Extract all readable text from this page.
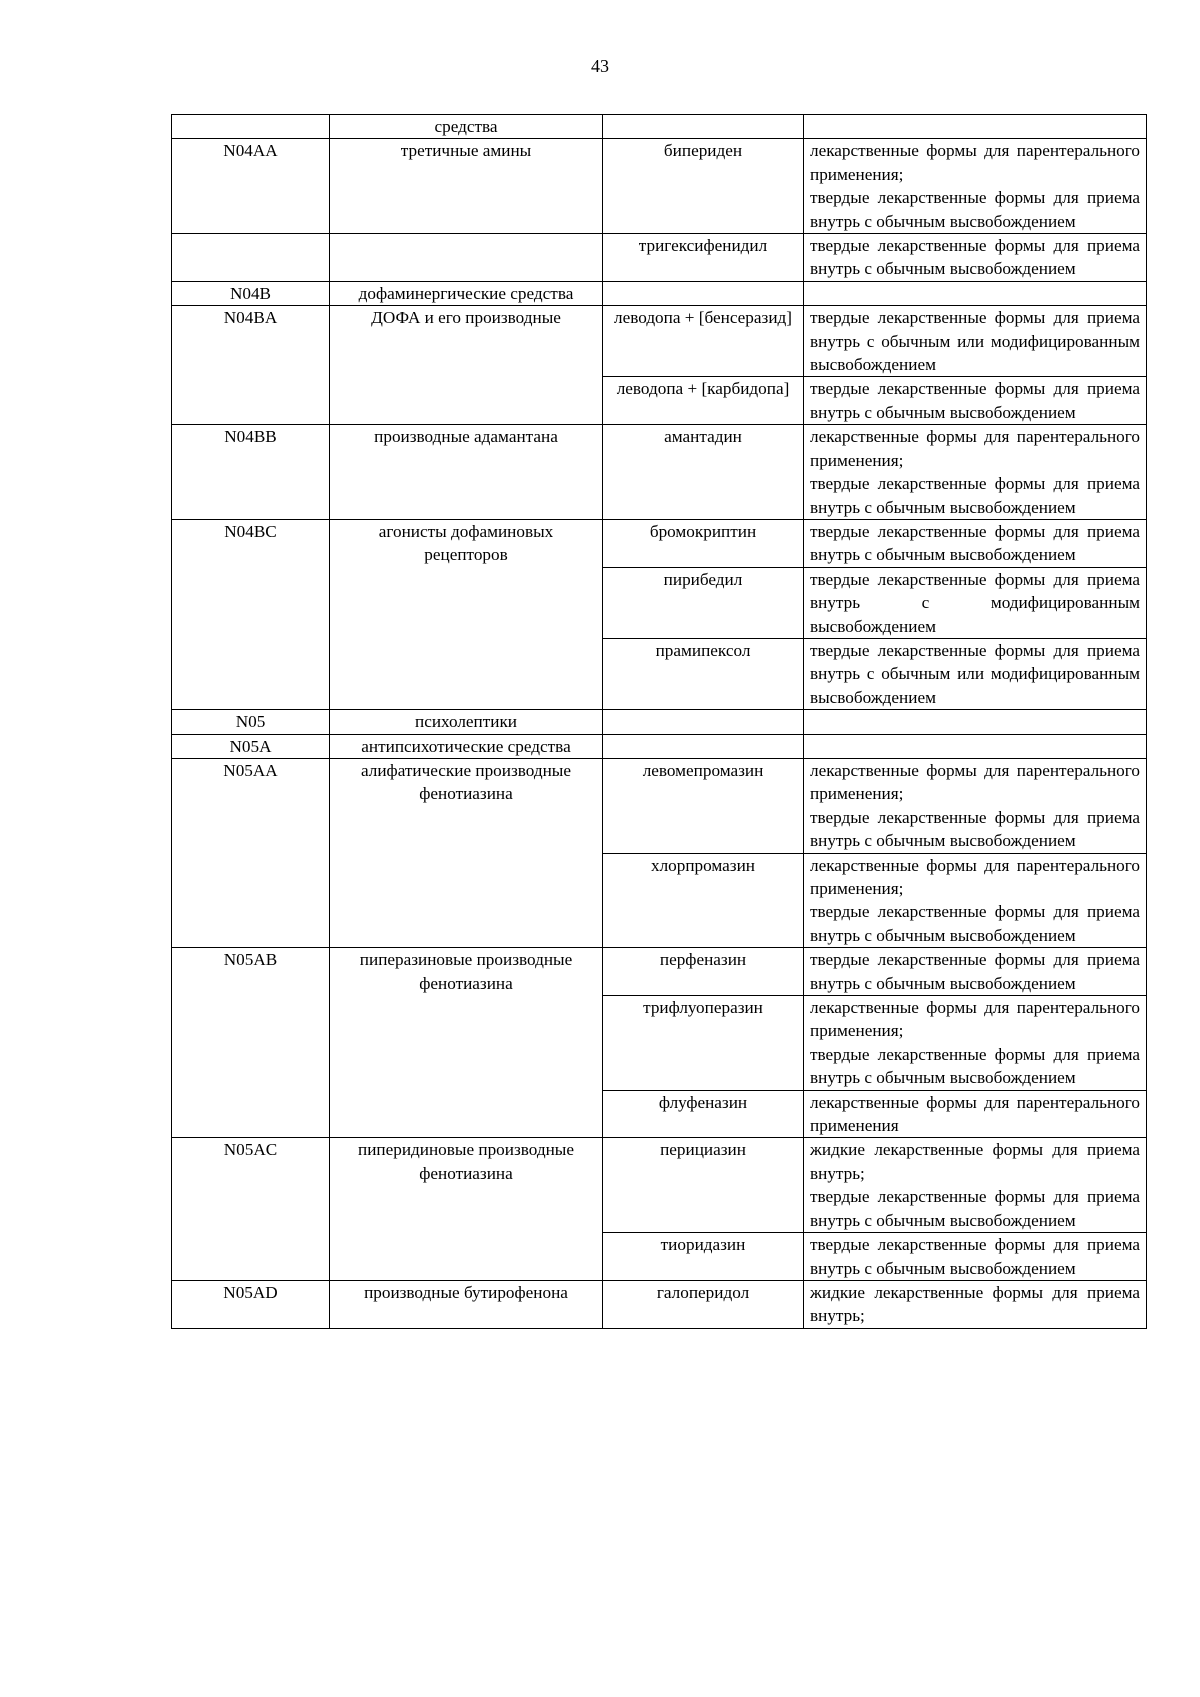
43
	средства		
N04AA	третичные амины	бипериден	лекарственные формы для парентерального применения;
твердые лекарственные формы для приема внутрь с обычным высвобождением

		тригексифенидил	твердые лекарственные формы для приема внутрь с обычным высвобождением

N04B	дофаминергические средства		
N04BA	ДОФА и его производные	леводопа + [бенсеразид]	твердые лекарственные формы для приема внутрь с обычным или модифицированным высвобождением

		леводопа + [карбидопа]	твердые лекарственные формы для приема внутрь с обычным высвобождением

N04BB	производные адамантана	амантадин	лекарственные формы для парентерального применения;
твердые лекарственные формы для приема внутрь с обычным высвобождением

N04BC	агонисты дофаминовых рецепторов	бромокриптин	твердые лекарственные формы для приема внутрь с обычным высвобождением

		пирибедил	твердые лекарственные формы для приема внутрь с модифицированным высвобождением

		прамипексол	твердые лекарственные формы для приема внутрь с обычным или модифицированным высвобождением

N05	психолептики		
N05A	антипсихотические средства		
N05AA	алифатические производные фенотиазина	левомепромазин	лекарственные формы для парентерального применения;
твердые лекарственные формы для приема внутрь с обычным высвобождением

		хлорпромазин	лекарственные формы для парентерального применения;
твердые лекарственные формы для приема внутрь с обычным высвобождением

N05AB	пиперазиновые производные фенотиазина	перфеназин	твердые лекарственные формы для приема внутрь с обычным высвобождением

		трифлуоперазин	лекарственные формы для парентерального применения;
твердые лекарственные формы для приема внутрь с обычным высвобождением

		флуфеназин	лекарственные формы для парентерального применения

N05AC	пиперидиновые производные фенотиазина	перициазин	жидкие лекарственные формы для приема внутрь;
твердые лекарственные формы для приема внутрь с обычным высвобождением

		тиоридазин	твердые лекарственные формы для приема внутрь с обычным высвобождением

N05AD	производные бутирофенона	галоперидол	жидкие лекарственные формы для приема внутрь;
